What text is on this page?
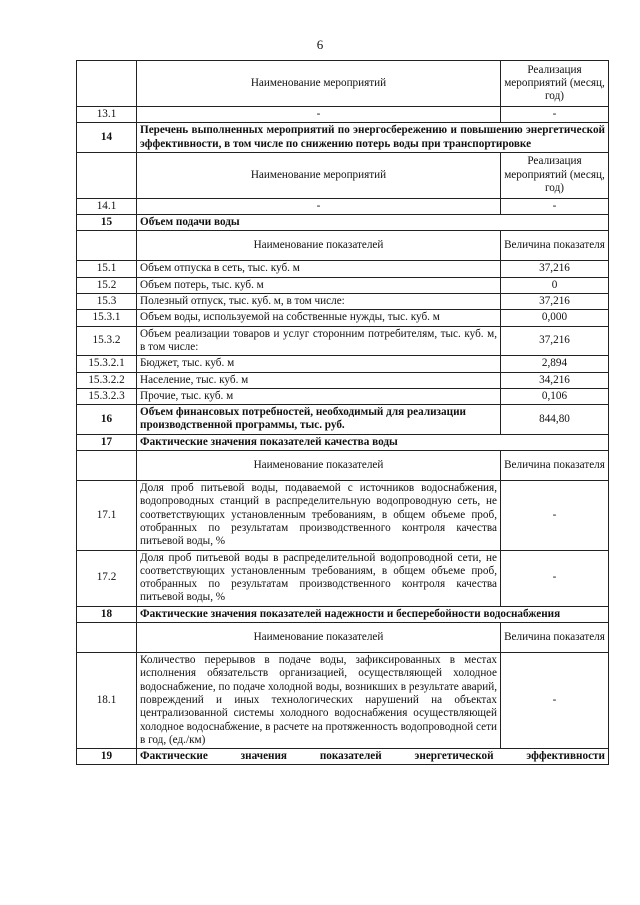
6
	Наименование мероприятий	Реализация мероприятий (месяц, год)
13.1	-	-
14	Перечень выполненных мероприятий по энергосбережению и повышению энергетической эффективности, в том числе по снижению потерь воды при транспортировке	
	Наименование мероприятий	Реализация мероприятий (месяц, год)
14.1	-	-
15	Объем подачи воды	
	Наименование показателей	Величина показателя
15.1	Объем отпуска в сеть, тыс. куб. м	37,216
15.2	Объем потерь, тыс. куб. м	0
15.3	Полезный отпуск, тыс. куб. м, в том числе:	37,216
15.3.1	Объем воды, используемой на собственные нужды, тыс. куб. м	0,000
15.3.2	Объем реализации товаров и услуг сторонним потребителям, тыс. куб. м, в том числе:	37,216
15.3.2.1	Бюджет, тыс. куб. м	2,894
15.3.2.2	Население, тыс. куб. м	34,216
15.3.2.3	Прочие, тыс. куб. м	0,106
16	Объем финансовых потребностей, необходимый для реализации производственной программы, тыс. руб.	844,80
17	Фактические значения показателей качества воды	
	Наименование показателей	Величина показателя
17.1	Доля проб питьевой воды, подаваемой с источников водоснабжения, водопроводных станций в распределительную водопроводную сеть, не соответствующих установленным требованиям, в общем объеме проб, отобранных по результатам производственного контроля качества питьевой воды, %	-
17.2	Доля проб питьевой воды в распределительной водопроводной сети, не соответствующих установленным требованиям, в общем объеме проб, отобранных по результатам производственного контроля качества питьевой воды, %	-
18	Фактические значения показателей надежности и бесперебойности водоснабжения	
	Наименование показателей	Величина показателя
18.1	Количество перерывов в подаче воды, зафиксированных в местах исполнения обязательств организацией, осуществляющей холодное водоснабжение, по подаче холодной воды, возникших в результате аварий, повреждений и иных технологических нарушений на объектах централизованной системы холодного водоснабжения осуществляющей холодное водоснабжение, в расчете на протяженность водопроводной сети в год, (ед./км)	-
19	Фактические значения показателей энергетической эффективности	
